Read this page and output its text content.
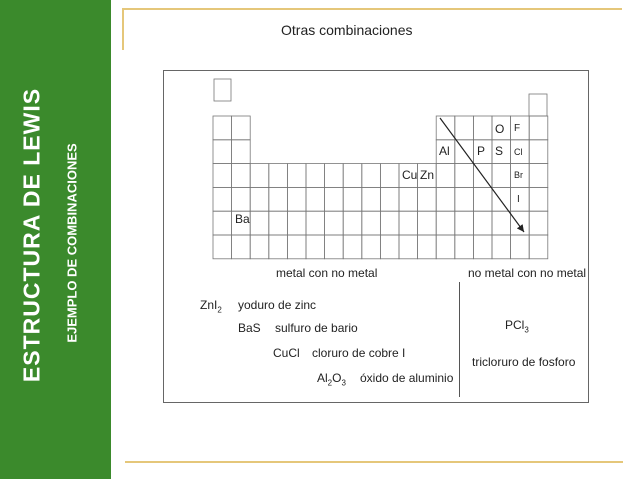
ESTRUCTURA DE LEWIS EJEMPLO DE COMBINACIONES
Otras combinaciones
Ba
Cu Zn
Al P S
O F
Cl
Br
I
metal con no metal	no metal con no metal
ZnI$_2$ yoduro de zinc
BaS sulfuro de bario
CuCl cloruro de cobre I
$Al_2O_3$ óxido de aluminio
PCl$_3$
tricloruro de fosforo
